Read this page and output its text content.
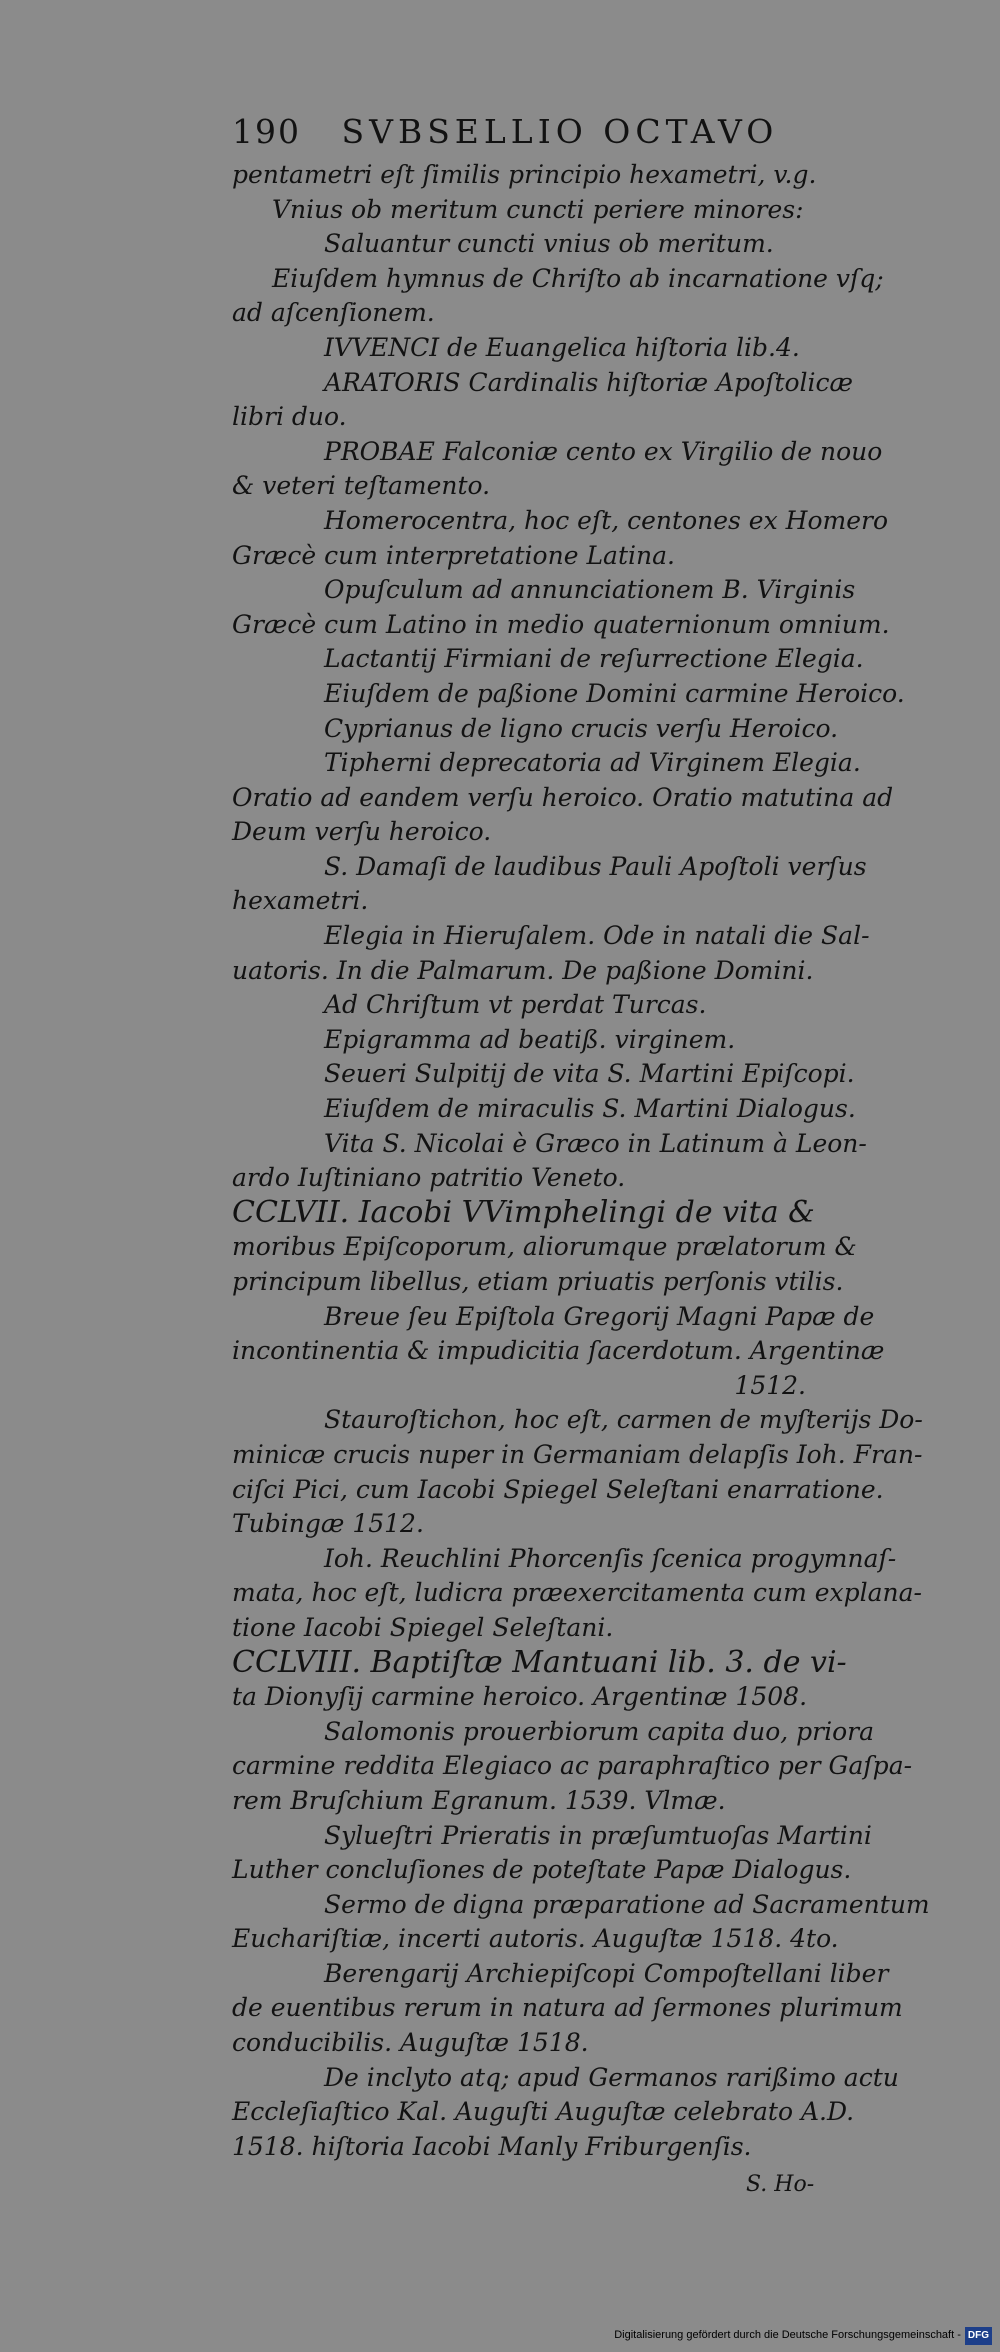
190 SVBSELLIO OCTAVO
pentametri eſt ſimilis principio hexametri, v.g.
Vnius ob meritum cuncti periere minores:
Saluantur cuncti vnius ob meritum.
Eiuſdem hymnus de Chriſto ab incarnatione vſq;
ad aſcenſionem.
IVVENCI de Euangelica hiſtoria lib.4.
ARATORIS Cardinalis hiſtoriæ Apoſtolicæ
libri duo.
PROBAE Falconiæ cento ex Virgilio de nouo
& veteri teſtamento.
Homerocentra, hoc eſt, centones ex Homero
Græcè cum interpretatione Latina.
Opuſculum ad annunciationem B. Virginis
Græcè cum Latino in medio quaternionum omnium.
Lactantij Firmiani de reſurrectione Elegia.
Eiuſdem de paßione Domini carmine Heroico.
Cyprianus de ligno crucis verſu Heroico.
Tipherni deprecatoria ad Virginem Elegia.
Oratio ad eandem verſu heroico. Oratio matutina ad
Deum verſu heroico.
S. Damaſi de laudibus Pauli Apoſtoli verſus
hexametri.
Elegia in Hieruſalem. Ode in natali die Sal-
uatoris. In die Palmarum. De paßione Domini.
Ad Chriſtum vt perdat Turcas.
Epigramma ad beatiß. virginem.
Seueri Sulpitij de vita S. Martini Epiſcopi.
Eiuſdem de miraculis S. Martini Dialogus.
Vita S. Nicolai è Græco in Latinum à Leon-
ardo Iuſtiniano patritio Veneto.
CCLVII. Iacobi VVimphelingi de vita &
moribus Epiſcoporum, aliorumque prælatorum &
principum libellus, etiam priuatis perſonis vtilis.
Breue ſeu Epiſtola Gregorij Magni Papæ de
incontinentia & impudicitia ſacerdotum. Argentinæ
1512.
Stauroſtichon, hoc eſt, carmen de myſterijs Do-
minicæ crucis nuper in Germaniam delapſis Ioh. Fran-
ciſci Pici, cum Iacobi Spiegel Seleſtani enarratione.
Tubingæ 1512.
Ioh. Reuchlini Phorcenſis ſcenica progymnaſ-
mata, hoc eſt, ludicra præexercitamenta cum explana-
tione Iacobi Spiegel Seleſtani.
CCLVIII. Baptiſtæ Mantuani lib. 3. de vi-
ta Dionyſij carmine heroico. Argentinæ 1508.
Salomonis prouerbiorum capita duo, priora
carmine reddita Elegiaco ac paraphraſtico per Gaſpa-
rem Bruſchium Egranum. 1539. Vlmæ.
Sylueſtri Prieratis in præſumtuoſas Martini
Luther concluſiones de poteſtate Papæ Dialogus.
Sermo de digna præparatione ad Sacramentum
Euchariſtiæ, incerti autoris. Auguſtæ 1518. 4to.
Berengarij Archiepiſcopi Compoſtellani liber
de euentibus rerum in natura ad ſermones plurimum
conducibilis. Auguſtæ 1518.
De inclyto atq; apud Germanos rarißimo actu
Eccleſiaſtico Kal. Auguſti Auguſtæ celebrato A.D.
1518. hiſtoria Iacobi Manly Friburgenſis.
S. Ho-
Digitalisierung gefördert durch die Deutsche Forschungsgemeinschaft - DFG
